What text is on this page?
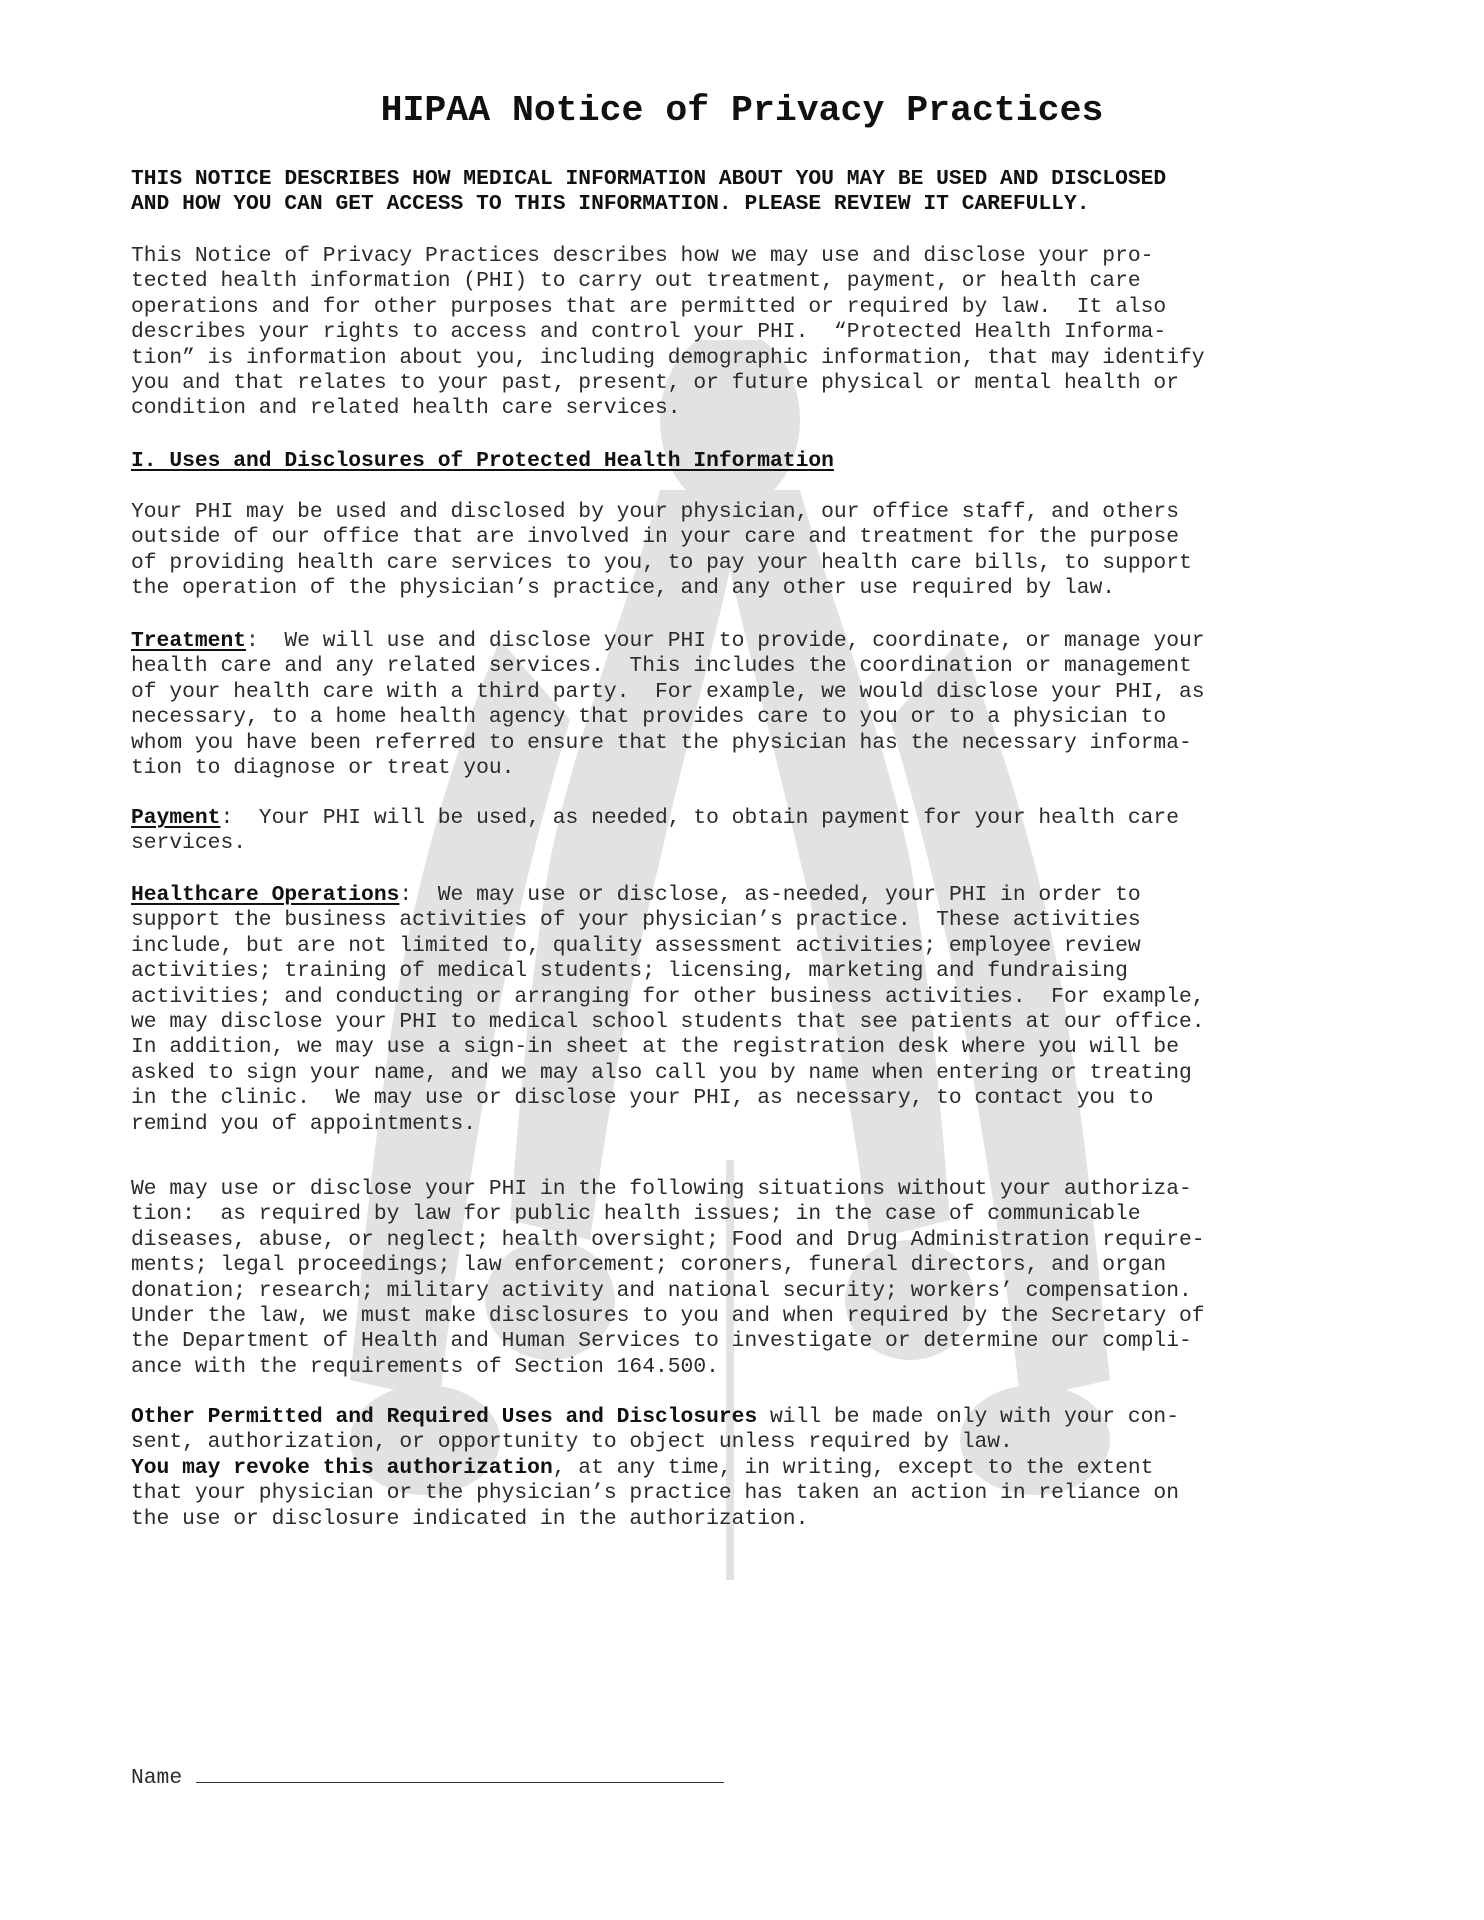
HIPAA Notice of Privacy Practices
THIS NOTICE DESCRIBES HOW MEDICAL INFORMATION ABOUT YOU MAY BE USED AND DISCLOSED
AND HOW YOU CAN GET ACCESS TO THIS INFORMATION. PLEASE REVIEW IT CAREFULLY.
This Notice of Privacy Practices describes how we may use and disclose your pro-
tected health information (PHI) to carry out treatment, payment, or health care
operations and for other purposes that are permitted or required by law.  It also
describes your rights to access and control your PHI.  “Protected Health Informa-
tion” is information about you, including demographic information, that may identify
you and that relates to your past, present, or future physical or mental health or
condition and related health care services.
I. Uses and Disclosures of Protected Health Information
Your PHI may be used and disclosed by your physician, our office staff, and others
outside of our office that are involved in your care and treatment for the purpose
of providing health care services to you, to pay your health care bills, to support
the operation of the physician’s practice, and any other use required by law.
Treatment:  We will use and disclose your PHI to provide, coordinate, or manage your
health care and any related services.  This includes the coordination or management
of your health care with a third party.  For example, we would disclose your PHI, as
necessary, to a home health agency that provides care to you or to a physician to
whom you have been referred to ensure that the physician has the necessary informa-
tion to diagnose or treat you.
Payment:  Your PHI will be used, as needed, to obtain payment for your health care
services.
Healthcare Operations:  We may use or disclose, as-needed, your PHI in order to
support the business activities of your physician’s practice.  These activities
include, but are not limited to, quality assessment activities; employee review
activities; training of medical students; licensing, marketing and fundraising
activities; and conducting or arranging for other business activities.  For example,
we may disclose your PHI to medical school students that see patients at our office.
In addition, we may use a sign-in sheet at the registration desk where you will be
asked to sign your name, and we may also call you by name when entering or treating
in the clinic.  We may use or disclose your PHI, as necessary, to contact you to
remind you of appointments.
We may use or disclose your PHI in the following situations without your authoriza-
tion:  as required by law for public health issues; in the case of communicable
diseases, abuse, or neglect; health oversight; Food and Drug Administration require-
ments; legal proceedings; law enforcement; coroners, funeral directors, and organ
donation; research; military activity and national security; workers’ compensation.
Under the law, we must make disclosures to you and when required by the Secretary of
the Department of Health and Human Services to investigate or determine our compli-
ance with the requirements of Section 164.500.
Other Permitted and Required Uses and Disclosures will be made only with your con-
sent, authorization, or opportunity to object unless required by law.
You may revoke this authorization, at any time, in writing, except to the extent
that your physician or the physician’s practice has taken an action in reliance on
the use or disclosure indicated in the authorization.
Name
